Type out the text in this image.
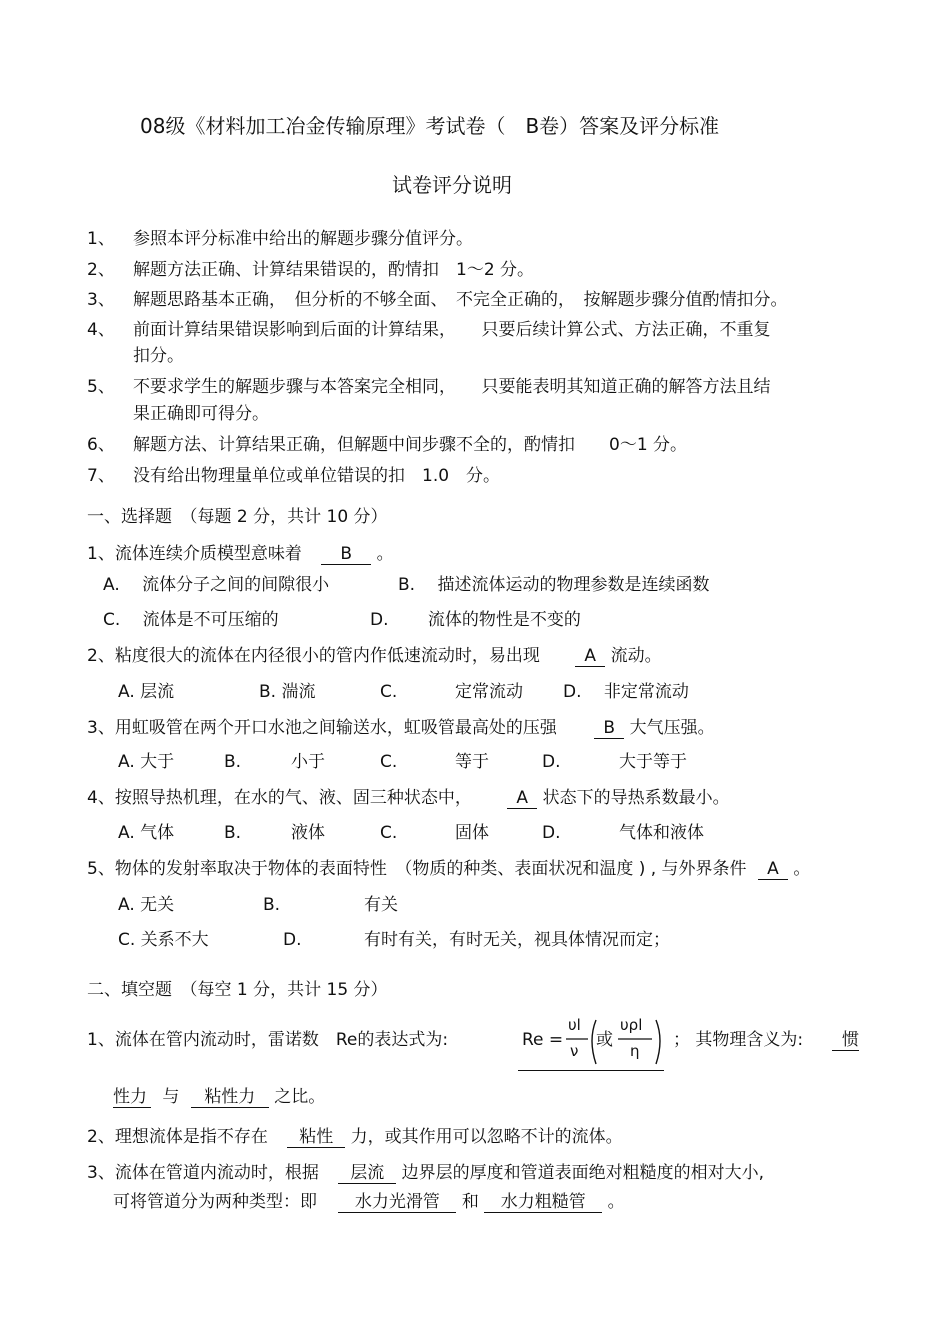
08级《材料加工冶金传输原理》考试卷（　B卷）答案及评分标准
试卷评分说明
1、 参照本评分标准中给出的解题步骤分值评分。
2、 解题方法正确、计算结果错误的，酌情扣　1～2 分。
3、 解题思路基本正确，　但分析的不够全面、　不完全正确的，　按解题步骤分值酌情扣分。
4、 前面计算结果错误影响到后面的计算结果，　　只要后续计算公式、方法正确，不重复
扣分。
5、 不要求学生的解题步骤与本答案完全相同，　　只要能表明其知道正确的解答方法且结
果正确即可得分。
6、 解题方法、计算结果正确，但解题中间步骤不全的，酌情扣　　0～1 分。
7、 没有给出物理量单位或单位错误的扣　1.0　分。
一、选择题　（每题 2 分，共计 10 分）
1、流体连续介质模型意味着 B 。
A.　 流体分子之间的间隙很小	B.　 描述流体运动的物理参数是连续函数
C.　 流体是不可压缩的	D.　　 流体的物性是不变的
2、粘度很大的流体在内径很小的管内作低速流动时，易出现	A 流动。
A. 层流	B. 湍流	C.	定常流动 D.　 非定常流动
3、用虹吸管在两个开口水池之间输送水，虹吸管最高处的压强	B 大气压强。
A. 大于	B.	小于	C.	等于	D.	大于等于
4、按照导热机理，在水的气、液、固三种状态中，	A 状态下的导热系数最小。
A. 气体	B.	液体	C.	固体	D.	气体和液体
5、物体的发射率取决于物体的表面特性　（物质的种类、表面状况和温度 ) , 与外界条件 A 。
A. 无关	B.	有关
C. 关系不大	D.	有时有关，有时无关，视具体情况而定；
二、填空题　（每空 1 分，共计 15 分）
1、流体在管内流动时，雷诺数　Re的表达式为:	Re =
υl
ν
或
υρl
η
； 其物理含义为:	惯
性力 与 粘性力 之比。
2、理想流体是指不存在 粘性 力，或其作用可以忽略不计的流体。
3、流体在管道内流动时，根据 层流 边界层的厚度和管道表面绝对粗糙度的相对大小,
可将管道分为两种类型：即 水力光滑管 和 水力粗糙管 。
